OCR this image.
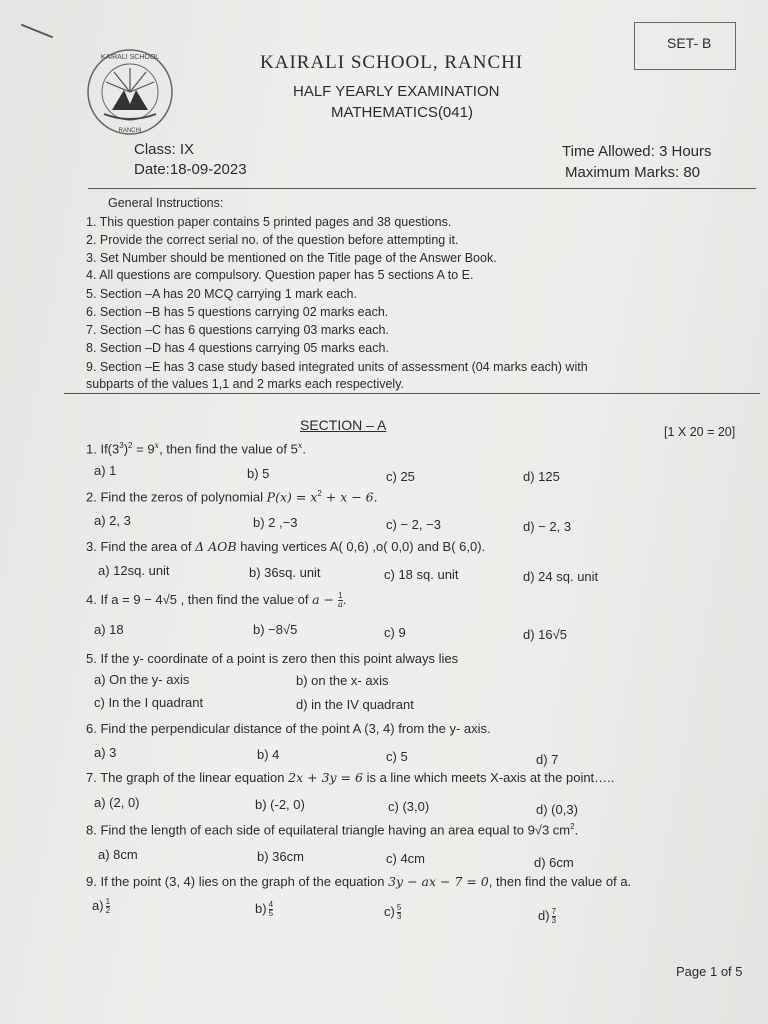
SET- B
KAIRALI SCHOOL
RANCHI
KAIRALI SCHOOL, RANCHI
HALF YEARLY EXAMINATION
MATHEMATICS(041)
Class: IX
Date:18-09-2023
Time Allowed: 3 Hours
Maximum Marks: 80
General Instructions:
1. This question paper contains 5 printed pages and 38 questions.
2. Provide the correct serial no. of the question before attempting it.
3. Set Number should be mentioned on the Title page of the Answer Book.
4. All questions are compulsory. Question paper has 5 sections A to E.
5. Section –A has 20 MCQ carrying 1 mark each.
6. Section –B has 5 questions carrying 02 marks each.
7. Section –C has 6 questions carrying 03 marks each.
8. Section –D has 4 questions carrying 05 marks each.
9. Section –E has 3 case study based integrated units of assessment (04 marks each) with
subparts of the values 1,1 and 2 marks each respectively.
SECTION – A	[1 X 20 = 20]
1. $If(3^3)^2 = 9^x$, then find the value of 5$^x$.
a) 1	b) 5	c) 25	d) 125
2. Find the zeros of polynomial $P(x) = x^2 + x - 6$.
a) 2, 3	b) 2 ,−3	c) − 2, −3	d) − 2, 3
3. Find the area of Δ AOB having vertices A( 0,6) ,o( 0,0) and B( 6,0).
a) 12sq. unit	b) 36sq. unit	c) 18 sq. unit	d) 24 sq. unit
4. If a = 9 − 4√5 , then find the value of $a - \frac{1}{a}$ .
a) 18	b) −8√5	c) 9	d) 16√5
5. If the y- coordinate of a point is zero then this point always lies
a) On the y- axis	b) on the x- axis
c) In the I quadrant	d) in the IV quadrant
6. Find the perpendicular distance of the point A (3, 4) from the y- axis.
a) 3	b) 4	c) 5	d) 7
7. The graph of the linear equation 2x + 3y = 6 is a line which meets X-axis at the point…..
a) (2, 0)	b) (-2, 0)	c) (3,0)	d) (0,3)
8. Find the length of each side of equilateral triangle having an area equal to 9√3 $cm^2$.
a) 8cm	b) 36cm	c) 4cm	d) 6cm
9. If the point (3, 4) lies on the graph of the equation 3y − ax − 7 = 0, then find the value of a.
$a) \frac{1}{2}$	$b) \frac{4}{5}$	$c) \frac{5}{3}$	$d) \frac{7}{3}$
Page 1 of 5
